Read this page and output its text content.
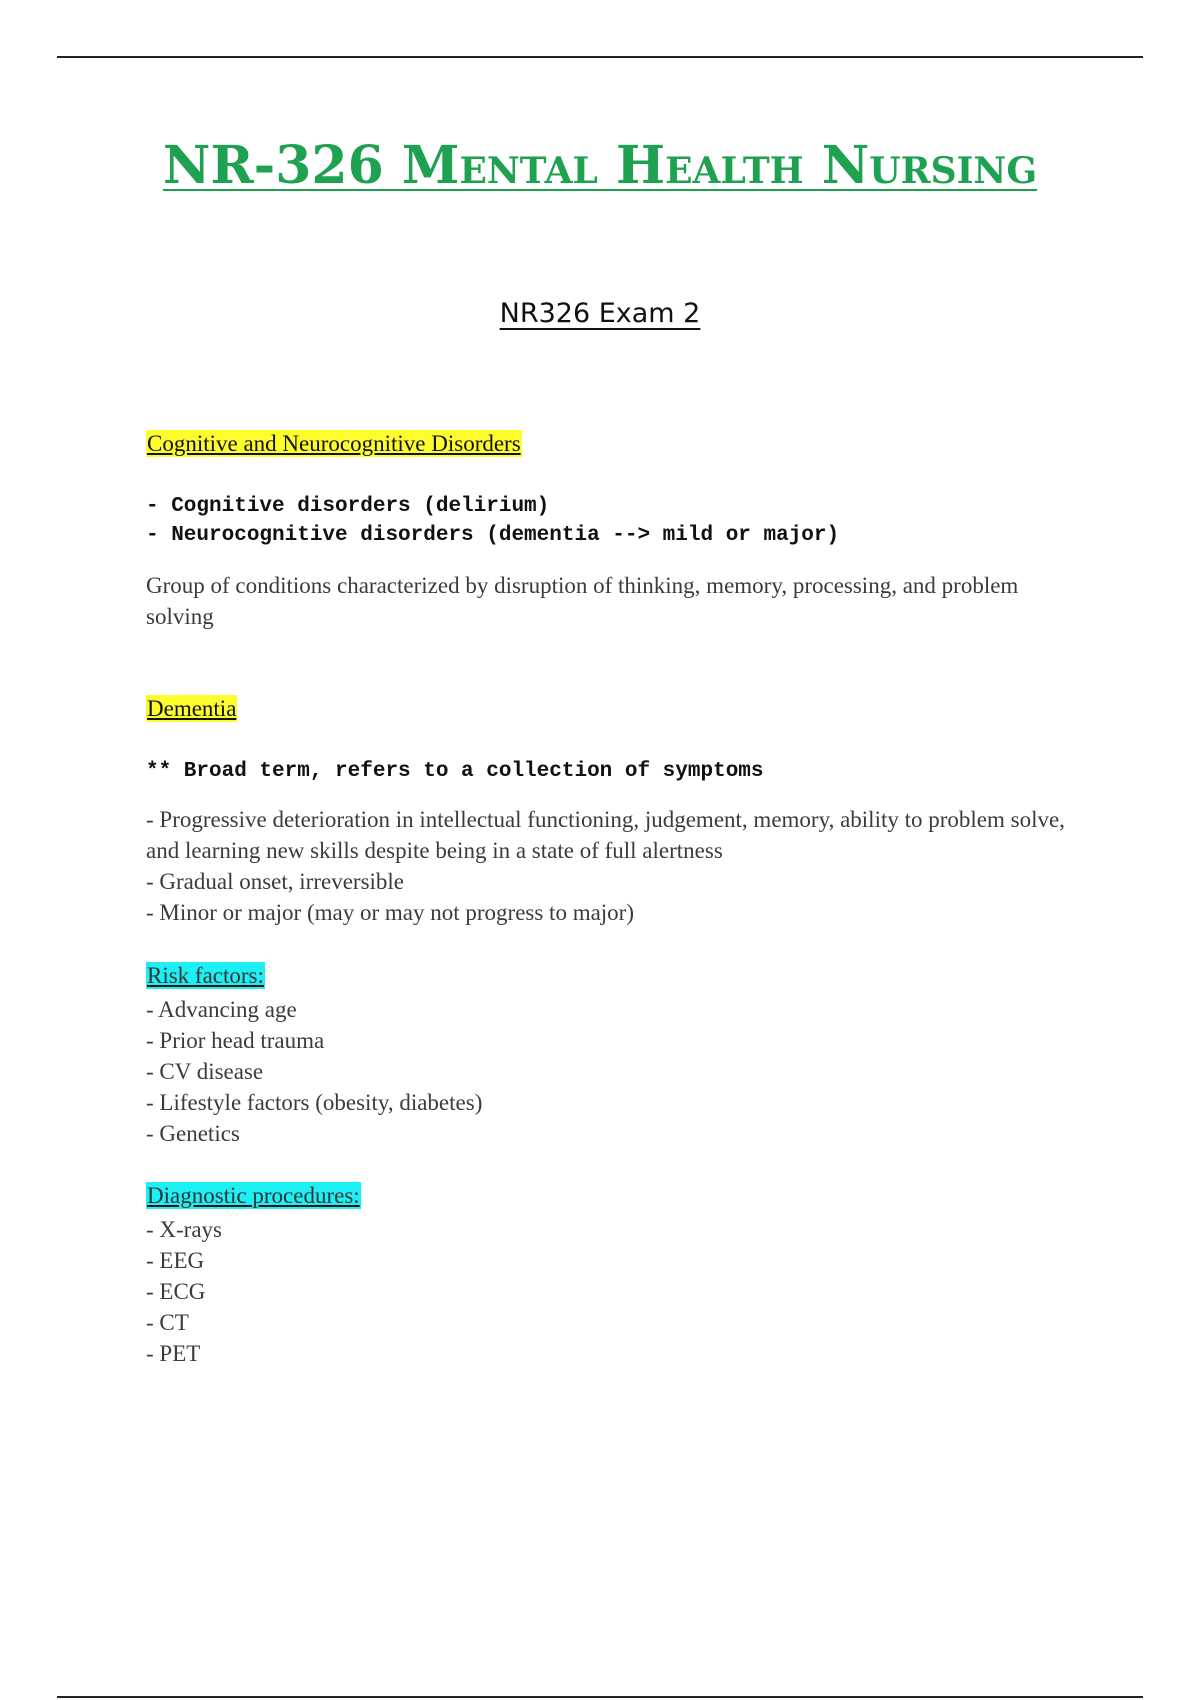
NR-326 Mental Health Nursing
NR326 Exam 2
Cognitive and Neurocognitive Disorders
- Cognitive disorders (delirium)
- Neurocognitive disorders (dementia --> mild or major)

Group of conditions characterized by disruption of thinking, memory, processing, and problem solving

Dementia
** Broad term, refers to a collection of symptoms
- Progressive deterioration in intellectual functioning, judgement, memory, ability to problem solve, and learning new skills despite being in a state of full alertness
- Gradual onset, irreversible
- Minor or major (may or may not progress to major)
Risk factors:
- Advancing age
- Prior head trauma
- CV disease
- Lifestyle factors (obesity, diabetes)
- Genetics
Diagnostic procedures:
- X-rays
- EEG
- ECG
- CT
- PET
